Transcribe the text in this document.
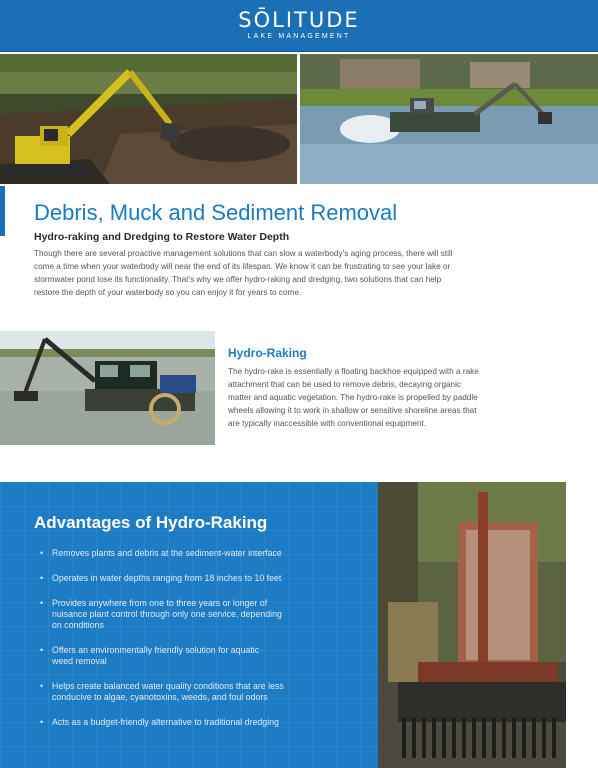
SŌLITUDE
LAKE MANAGEMENT
Debris, Muck and Sediment Removal
Hydro-raking and Dredging to Restore Water Depth
Though there are several proactive management solutions that can slow a waterbody’s aging process, there will still
come a time when your waterbody will near the end of its lifespan. We know it can be frustrating to see your lake or
stormwater pond lose its functionality. That’s why we offer hydro-raking and dredging, two solutions that can help
restore the depth of your waterbody so you can enjoy it for years to come.
Hydro-Raking
The hydro-rake is essentially a floating backhoe equipped with a rake
attachment that can be used to remove debris, decaying organic
matter and aquatic vegetation. The hydro-rake is propelled by paddle
wheels allowing it to work in shallow or sensitive shoreline areas that
are typically inaccessible with conventional equipment.
Advantages of Hydro-Raking
• Removes plants and debris at the sediment-water interface
• Operates in water depths ranging from 18 inches to 10 feet
• Provides anywhere from one to three years or longer of
nuisance plant control through only one service, depending
on conditions
• Offers an environmentally friendly solution for aquatic
weed removal
• Helps create balanced water quality conditions that are less
conducive to algae, cyanotoxins, weeds, and foul odors
• Acts as a budget-friendly alternative to traditional dredging
